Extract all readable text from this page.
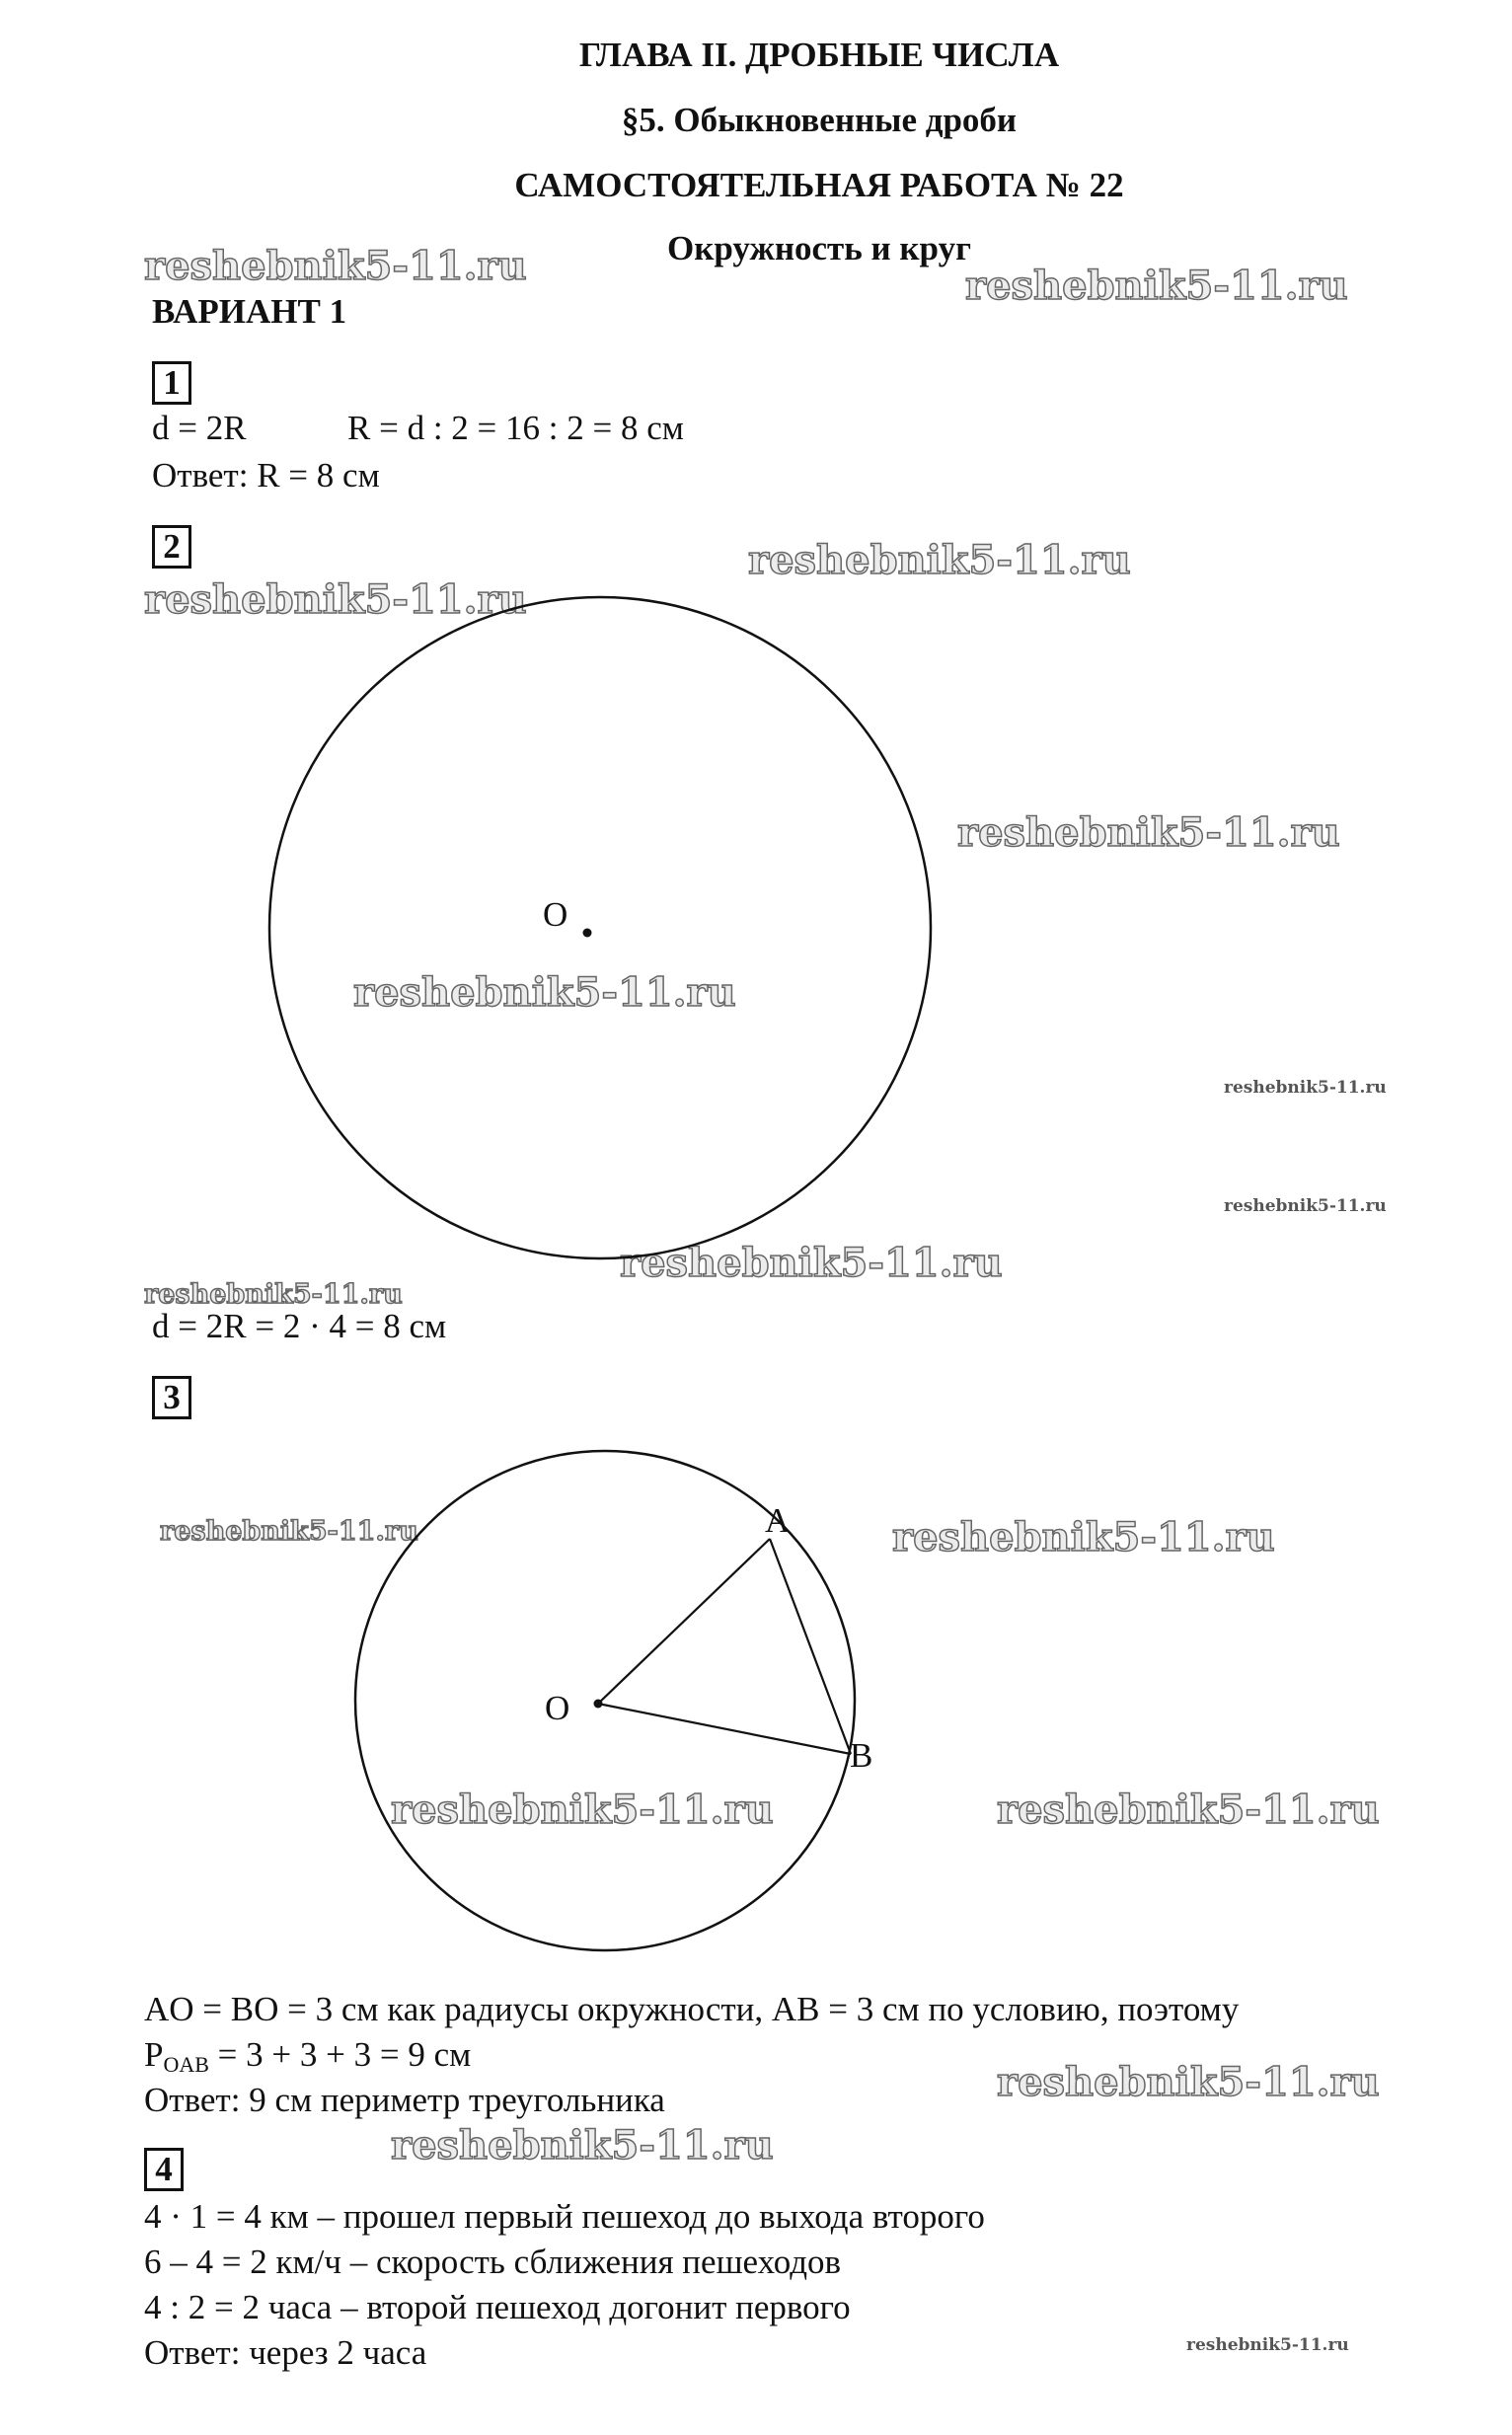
ГЛАВА II. ДРОБНЫЕ ЧИСЛА
§5. Обыкновенные дроби
САМОСТОЯТЕЛЬНАЯ РАБОТА № 22
Окружность и круг
ВАРИАНТ 1
reshebnik5-11.ru	reshebnik5-11.ru
reshebnik5-11.ru
reshebnik5-11.ru
reshebnik5-11.ru
reshebnik5-11.ru
reshebnik5-11.ru
reshebnik5-11.ru
reshebnik5-11.ru
reshebnik5-11.ru
reshebnik5-11.ru	reshebnik5-11.ru
reshebnik5-11.ru	reshebnik5-11.ru
reshebnik5-11.ru
reshebnik5-11.ru
reshebnik5-11.ru
1
d = 2R	R = d : 2 = 16 : 2 = 8 см
Ответ: R = 8 см
2
O
d = 2R = 2 · 4 = 8 см
3
O
A
B
AO = BO = 3 см как радиусы окружности, AB = 3 см по условию, поэтому
$P_{OAB} = 3 + 3 + 3 = 9$ см
Ответ: 9 см периметр треугольника
4
4 · 1 = 4 км – прошел первый пешеход до выхода второго
6 – 4 = 2 км/ч – скорость сближения пешеходов
4 : 2 = 2 часа – второй пешеход догонит первого
Ответ: через 2 часа
